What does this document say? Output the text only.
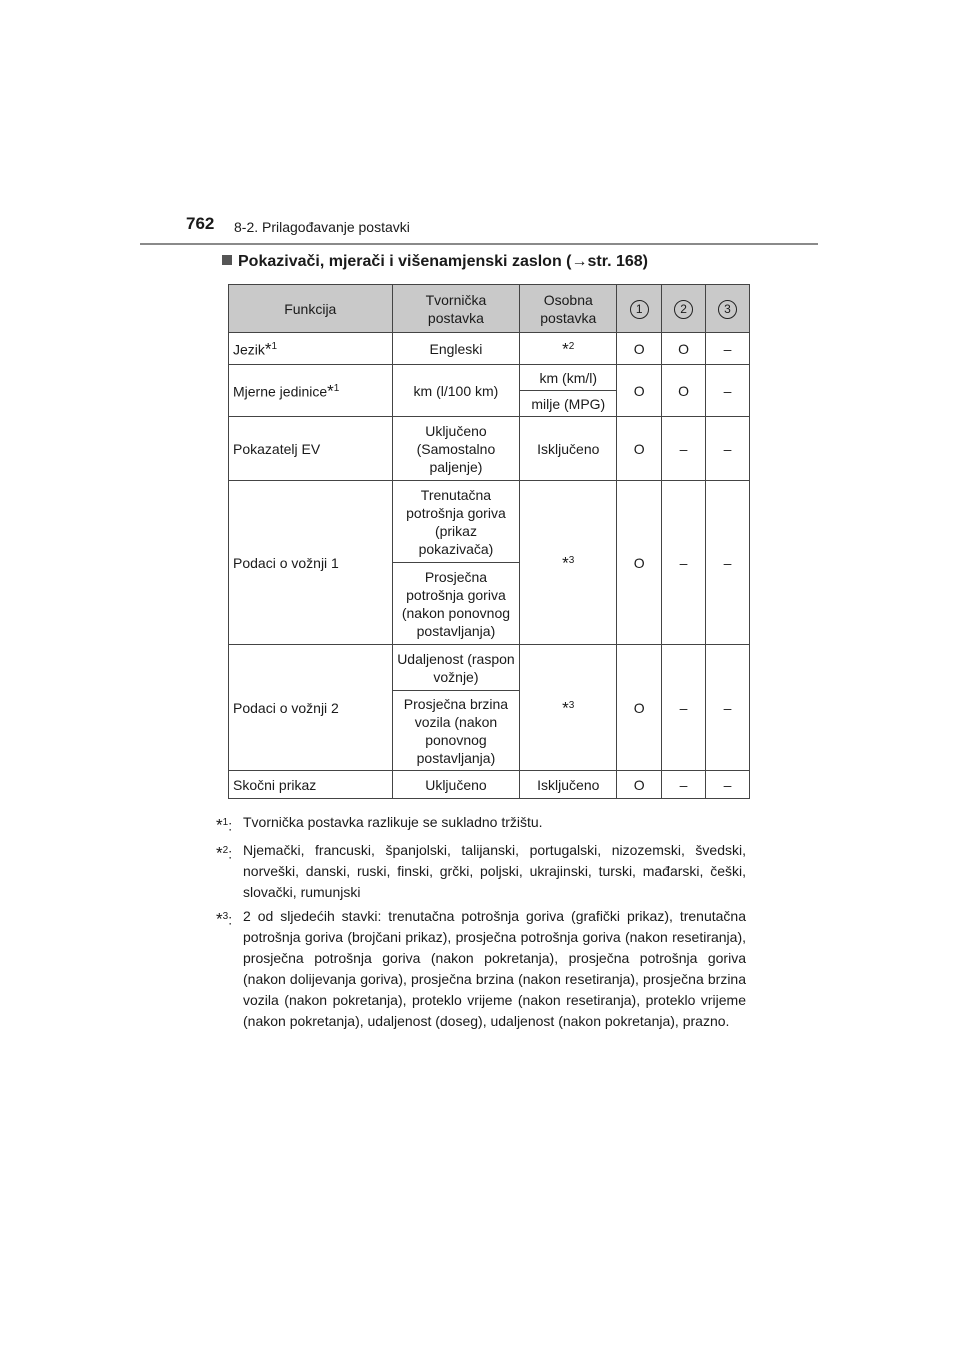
762 8-2. Prilagođavanje postavki
Pokazivači, mjerači i višenamjenski zaslon (→str. 168)
Funkcija	Tvornička postavka	Osobna postavka	1	2	3
Jezik*$^1$	Engleski	*$^2$	O	O	–
Mjerne jedinice*$^1$	km (l/100 km)	km (km/l)	O	O	–
		milje (MPG)			
Pokazatelj EV	Uključeno (Samostalno paljenje)	Isključeno	O	–	–
Podaci o vožnji 1	Trenutačna potrošnja goriva (prikaz pokazivača)	*$^3$	O	–	–
	Prosječna potrošnja goriva (nakon ponovnog postavljanja)				
Podaci o vožnji 2	Udaljenost (raspon vožnje)	*$^3$	O	–	–
	Prosječna brzina vozila (nakon ponovnog postavljanja)				
Skočni prikaz	Uključeno	Isključeno	O	–	–
*$^1$: Tvornička postavka razlikuje se sukladno tržištu.
*$^2$: Njemački, francuski, španjolski, talijanski, portugalski, nizozemski, švedski, norveški, danski, ruski, finski, grčki, poljski, ukrajinski, turski, mađarski, češki, slovački, rumunjski
*$^3$: 2 od sljedećih stavki: trenutačna potrošnja goriva (grafički prikaz), trenutačna potrošnja goriva (brojčani prikaz), prosječna potrošnja goriva (nakon resetiranja), prosječna potrošnja goriva (nakon pokretanja), prosječna potrošnja goriva (nakon dolijevanja goriva), prosječna brzina (nakon resetiranja), prosječna brzina vozila (nakon pokretanja), proteklo vrijeme (nakon resetiranja), proteklo vrijeme (nakon pokretanja), udaljenost (doseg), udaljenost (nakon pokretanja), prazno.
